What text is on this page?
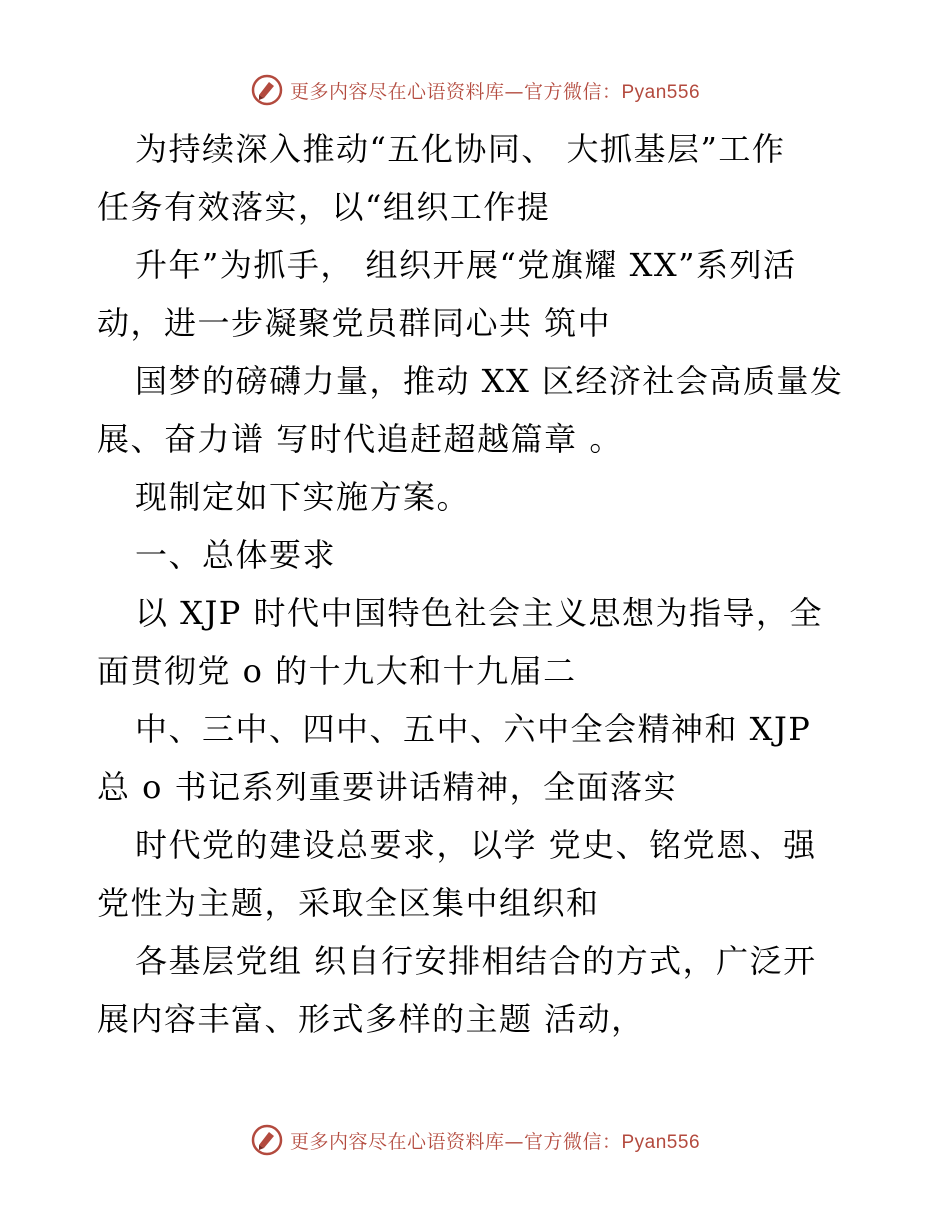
更多内容尽在心语资料库—官方微信：Pyan556
为持续深入推动“五化协同、 大抓基层”工作
任务有效落实，以“组织工作提
升年”为抓手， 组织开展“党旗耀 XX”系列活
动，进一步凝聚党员群同心共 筑中
国梦的磅礴力量，推动 XX 区经济社会高质量发
展、奋力谱 写时代追赶超越篇章 。
现制定如下实施方案。
一、总体要求
以 XJP 时代中国特色社会主义思想为指导，全
面贯彻党 o 的十九大和十九届二
中、三中、四中、五中、六中全会精神和 XJP
总 o 书记系列重要讲话精神，全面落实
时代党的建设总要求，以学 党史、铭党恩、强
党性为主题，采取全区集中组织和
各基层党组 织自行安排相结合的方式，广泛开
展内容丰富、形式多样的主题 活动，
更多内容尽在心语资料库—官方微信：Pyan556
